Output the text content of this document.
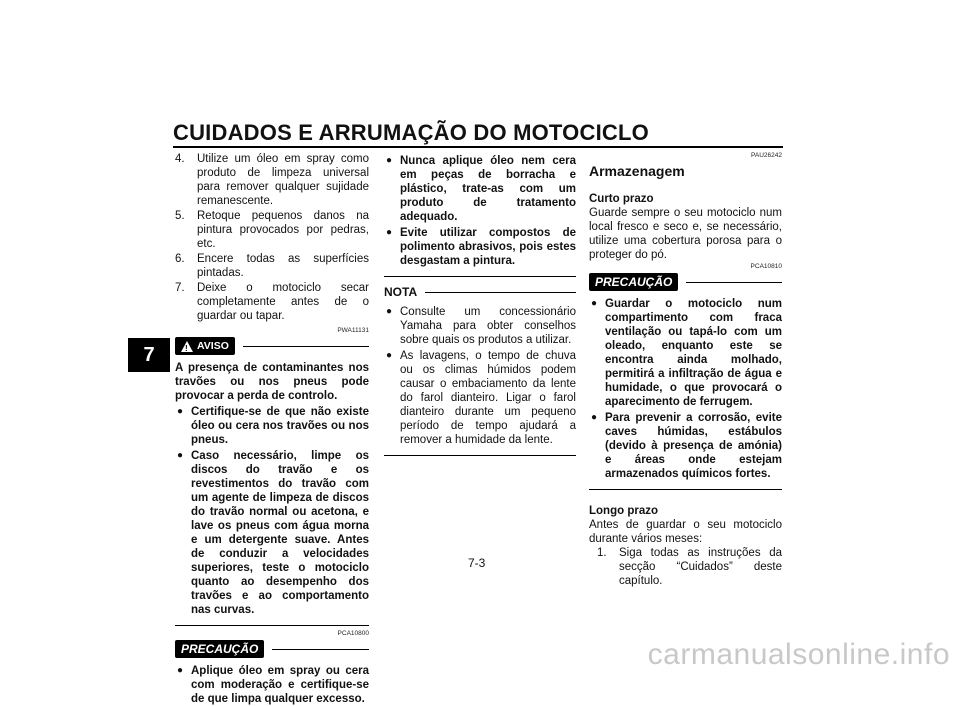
CUIDADOS E ARRUMAÇÃO DO MOTOCICLO
7
4.	Utilize um óleo em spray como produto de limpeza universal para remover qualquer sujidade remanescente.
5.	Retoque pequenos danos na pintura provocados por pedras, etc.
6.	Encere todas as superfícies pintadas.
7.	Deixe o motociclo secar completamente antes de o guardar ou tapar.
PWA11131
! AVISO
A presença de contaminantes nos travões ou nos pneus pode provocar a perda de controlo.
● Certifique-se de que não existe óleo ou cera nos travões ou nos pneus.
● Caso necessário, limpe os discos do travão e os revestimentos do travão com um agente de limpeza de discos do travão normal ou acetona, e lave os pneus com água morna e um detergente suave. Antes de conduzir a velocidades superiores, teste o motociclo quanto ao desempenho dos travões e ao comportamento nas curvas.
PCA10800
PRECAUÇÃO
● Aplique óleo em spray ou cera com moderação e certifique-se de que limpa qualquer excesso.
● Nunca aplique óleo nem cera em peças de borracha e plástico, trate-as com um produto de tratamento adequado.
● Evite utilizar compostos de polimento abrasivos, pois estes desgastam a pintura.
NOTA
● Consulte um concessionário Yamaha para obter conselhos sobre quais os produtos a utilizar.
● As lavagens, o tempo de chuva ou os climas húmidos podem causar o embaciamento da lente do farol dianteiro. Ligar o farol dianteiro durante um pequeno período de tempo ajudará a remover a humidade da lente.
PAU26242
Armazenagem
Curto prazo
Guarde sempre o seu motociclo num local fresco e seco e, se necessário, utilize uma cobertura porosa para o proteger do pó.
PCA10810
PRECAUÇÃO
● Guardar o motociclo num compartimento com fraca ventilação ou tapá-lo com um oleado, enquanto este se encontra ainda molhado, permitirá a infiltração de água e humidade, o que provocará o aparecimento de ferrugem.
● Para prevenir a corrosão, evite caves húmidas, estábulos (devido à presença de amónia) e áreas onde estejam armazenados químicos fortes.
Longo prazo
Antes de guardar o seu motociclo durante vários meses:
1.	Siga todas as instruções da secção “Cuidados” deste capítulo.
7-3
carmanualsonline.info
